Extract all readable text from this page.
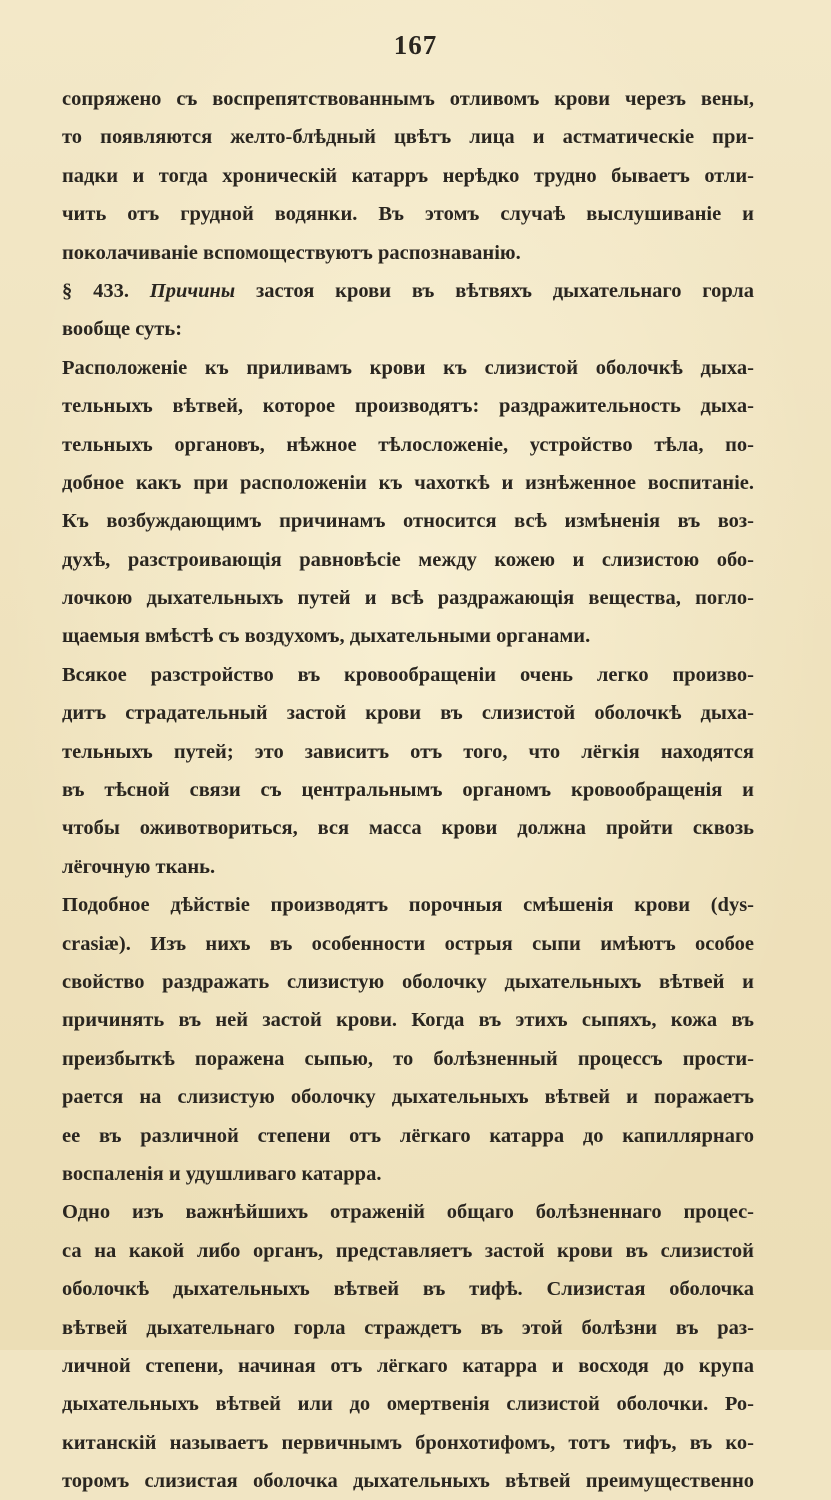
167
сопряжено съ воспрепятствованнымъ отливомъ крови черезъ вены,
то появляются желто-блѣдный цвѣтъ лица и астматическіе при-
падки и тогда хроническій катарръ нерѣдко трудно бываетъ отли-
чить отъ грудной водянки. Въ этомъ случаѣ выслушиваніе и
поколачиваніе вспомоществуютъ распознаванію.
§ 433. Причины застоя крови въ вѣтвяхъ дыхательнаго горла
вообще суть:
Расположеніе къ приливамъ крови къ слизистой оболочкѣ дыха-
тельныхъ вѣтвей, которое производятъ: раздражительность дыха-
тельныхъ органовъ, нѣжное тѣлосложеніе, устройство тѣла, по-
добное какъ при расположеніи къ чахоткѣ и изнѣженное воспитаніе.
Къ возбуждающимъ причинамъ относится всѣ измѣненія въ воз-
духѣ, разстроивающія равновѣсіе между кожею и слизистою обо-
лочкою дыхательныхъ путей и всѣ раздражающія вещества, погло-
щаемыя вмѣстѣ съ воздухомъ, дыхательными органами.
Всякое разстройство въ кровообращеніи очень легко произво-
дитъ страдательный застой крови въ слизистой оболочкѣ дыха-
тельныхъ путей; это зависитъ отъ того, что лёгкія находятся
въ тѣсной связи съ центральнымъ органомъ кровообращенія и
чтобы оживотвориться, вся масса крови должна пройти сквозь
лёгочную ткань.
Подобное дѣйствіе производятъ порочныя смѣшенія крови (dys-
crasiæ). Изъ нихъ въ особенности острыя сыпи имѣютъ особое
свойство раздражать слизистую оболочку дыхательныхъ вѣтвей и
причинять въ ней застой крови. Когда въ этихъ сыпяхъ, кожа въ
преизбыткѣ поражена сыпью, то болѣзненный процессъ прости-
рается на слизистую оболочку дыхательныхъ вѣтвей и поражаетъ
ее въ различной степени отъ лёгкаго катарра до капиллярнаго
воспаленія и удушливаго катарра.
Одно изъ важнѣйшихъ отраженій общаго болѣзненнаго процес-
са на какой либо органъ, представляетъ застой крови въ слизистой
оболочкѣ дыхательныхъ вѣтвей въ тифѣ. Слизистая оболочка
вѣтвей дыхательнаго горла страждетъ въ этой болѣзни въ раз-
личной степени, начиная отъ лёгкаго катарра и восходя до крупа
дыхательныхъ вѣтвей или до омертвенія слизистой оболочки. Ро-
китанскій называетъ первичнымъ бронхотифомъ, тотъ тифъ, въ ко-
торомъ слизистая оболочка дыхательныхъ вѣтвей преимущественно
